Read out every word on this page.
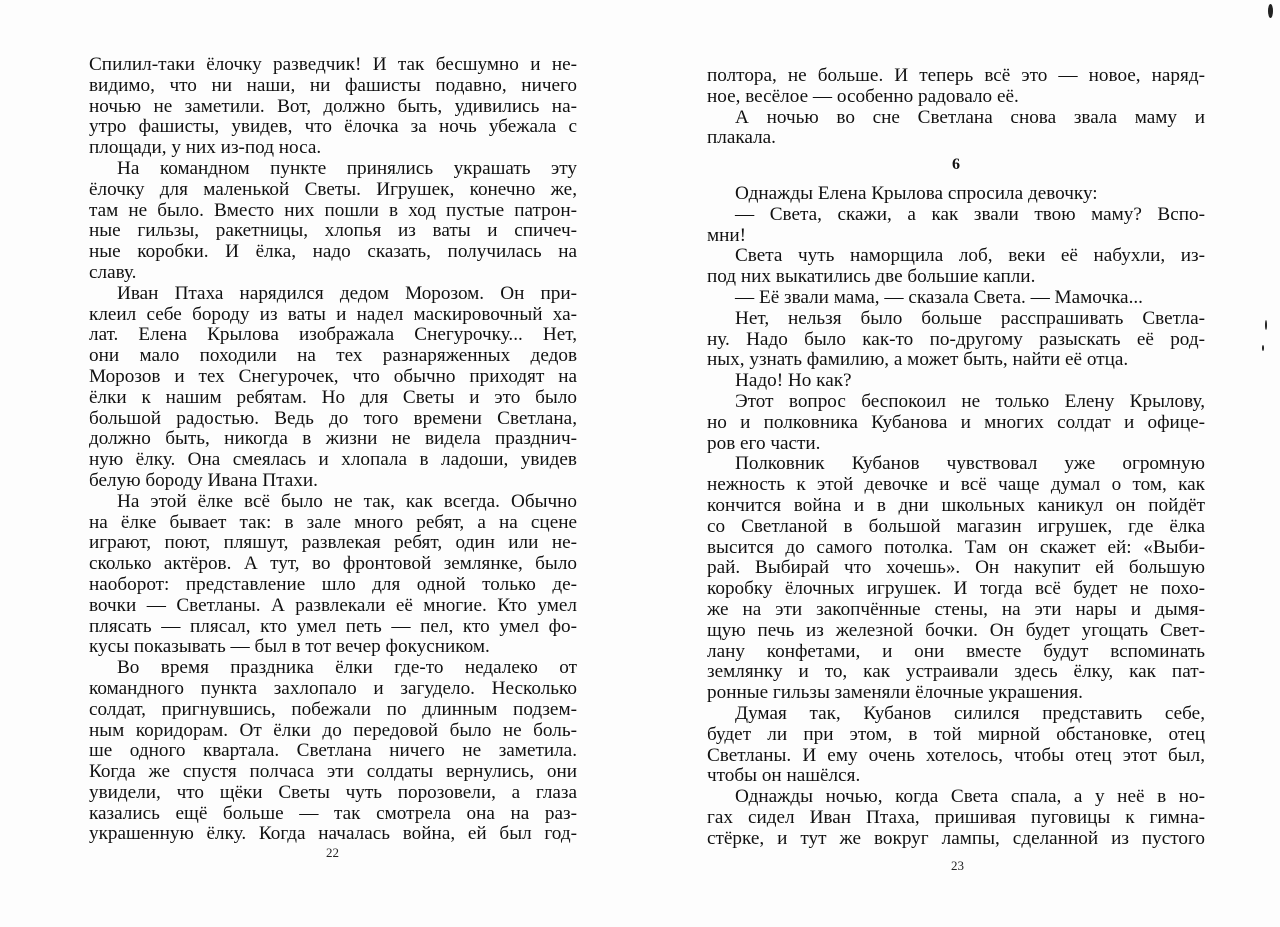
Спилил-таки ёлочку разведчик! И так бесшумно и не-
видимо, что ни наши, ни фашисты подавно, ничего
ночью не заметили. Вот, должно быть, удивились на-
утро фашисты, увидев, что ёлочка за ночь убежала с
площади, у них из-под носа.
На командном пункте принялись украшать эту
ёлочку для маленькой Светы. Игрушек, конечно же,
там не было. Вместо них пошли в ход пустые патрон-
ные гильзы, ракетницы, хлопья из ваты и спичеч-
ные коробки. И ёлка, надо сказать, получилась на
славу.
Иван Птаха нарядился дедом Морозом. Он при-
клеил себе бороду из ваты и надел маскировочный ха-
лат. Елена Крылова изображала Снегурочку... Нет,
они мало походили на тех разнаряженных дедов
Морозов и тех Снегурочек, что обычно приходят на
ёлки к нашим ребятам. Но для Светы и это было
большой радостью. Ведь до того времени Светлана,
должно быть, никогда в жизни не видела празднич-
ную ёлку. Она смеялась и хлопала в ладоши, увидев
белую бороду Ивана Птахи.
На этой ёлке всё было не так, как всегда. Обычно
на ёлке бывает так: в зале много ребят, а на сцене
играют, поют, пляшут, развлекая ребят, один или не-
сколько актёров. А тут, во фронтовой землянке, было
наоборот: представление шло для одной только де-
вочки — Светланы. А развлекали её многие. Кто умел
плясать — плясал, кто умел петь — пел, кто умел фо-
кусы показывать — был в тот вечер фокусником.
Во время праздника ёлки где-то недалеко от
командного пункта захлопало и загудело. Несколько
солдат, пригнувшись, побежали по длинным подзем-
ным коридорам. От ёлки до передовой было не боль-
ше одного квартала. Светлана ничего не заметила.
Когда же спустя полчаса эти солдаты вернулись, они
увидели, что щёки Светы чуть порозовели, а глаза
казались ещё больше — так смотрела она на раз-
украшенную ёлку. Когда началась война, ей был год-
22
полтора, не больше. И теперь всё это — новое, наряд-
ное, весёлое — особенно радовало её.
А ночью во сне Светлана снова звала маму и
плакала.
6
Однажды Елена Крылова спросила девочку:
— Света, скажи, а как звали твою маму? Вспо-
мни!
Света чуть наморщила лоб, веки её набухли, из-
под них выкатились две большие капли.
— Её звали мама, — сказала Света. — Мамочка...
Нет, нельзя было больше расспрашивать Светла-
ну. Надо было как-то по-другому разыскать её род-
ных, узнать фамилию, а может быть, найти её отца.
Надо! Но как?
Этот вопрос беспокоил не только Елену Крылову,
но и полковника Кубанова и многих солдат и офице-
ров его части.
Полковник Кубанов чувствовал уже огромную
нежность к этой девочке и всё чаще думал о том, как
кончится война и в дни школьных каникул он пойдёт
со Светланой в большой магазин игрушек, где ёлка
высится до самого потолка. Там он скажет ей: «Выби-
рай. Выбирай что хочешь». Он накупит ей большую
коробку ёлочных игрушек. И тогда всё будет не похо-
же на эти закопчённые стены, на эти нары и дымя-
щую печь из железной бочки. Он будет угощать Свет-
лану конфетами, и они вместе будут вспоминать
землянку и то, как устраивали здесь ёлку, как пат-
ронные гильзы заменяли ёлочные украшения.
Думая так, Кубанов силился представить себе,
будет ли при этом, в той мирной обстановке, отец
Светланы. И ему очень хотелось, чтобы отец этот был,
чтобы он нашёлся.
Однажды ночью, когда Света спала, а у неё в но-
гах сидел Иван Птаха, пришивая пуговицы к гимна-
стёрке, и тут же вокруг лампы, сделанной из пустого
23
